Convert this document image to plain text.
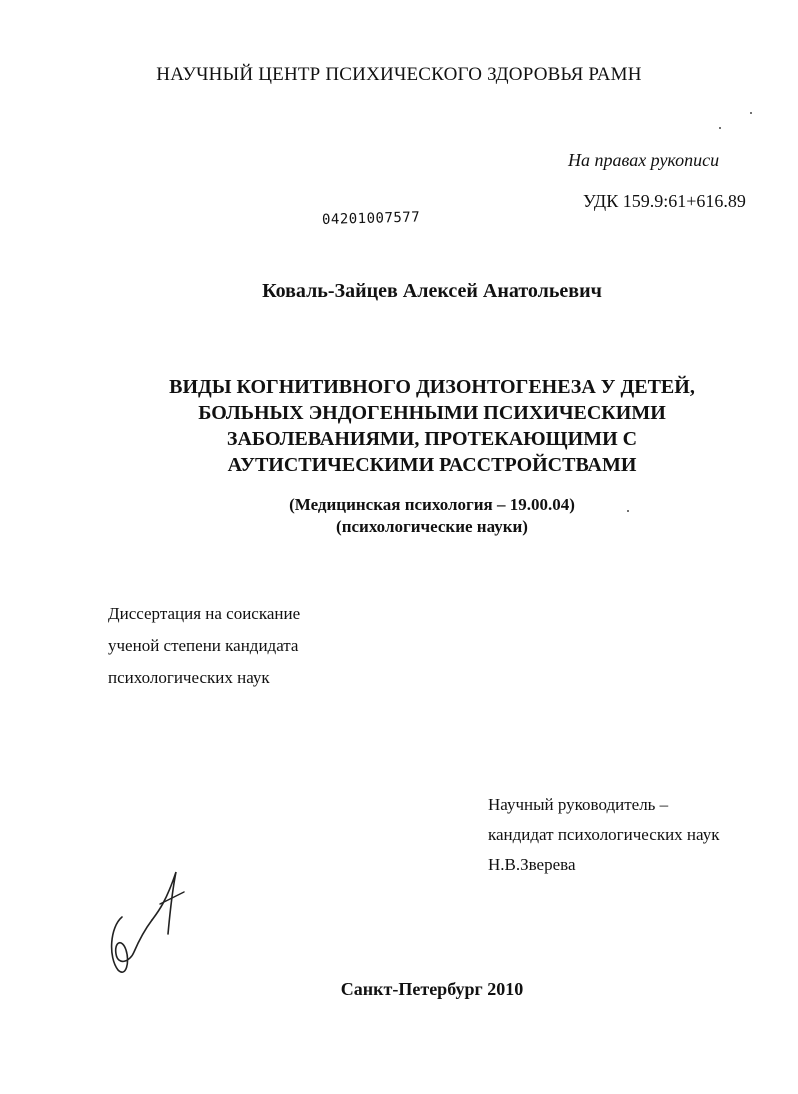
НАУЧНЫЙ ЦЕНТР ПСИХИЧЕСКОГО ЗДОРОВЬЯ РАМН
На правах рукописи
УДК 159.9:61+616.89
04201007577
Коваль-Зайцев Алексей Анатольевич
ВИДЫ КОГНИТИВНОГО ДИЗОНТОГЕНЕЗА У ДЕТЕЙ,
БОЛЬНЫХ ЭНДОГЕННЫМИ ПСИХИЧЕСКИМИ
ЗАБОЛЕВАНИЯМИ, ПРОТЕКАЮЩИМИ С
АУТИСТИЧЕСКИМИ РАССТРОЙСТВАМИ
(Медицинская психология – 19.00.04)
(психологические науки)
Диссертация на соискание
ученой степени кандидата
психологических наук
Научный руководитель –
кандидат психологических наук
Н.В.Зверева
Санкт-Петербург 2010
